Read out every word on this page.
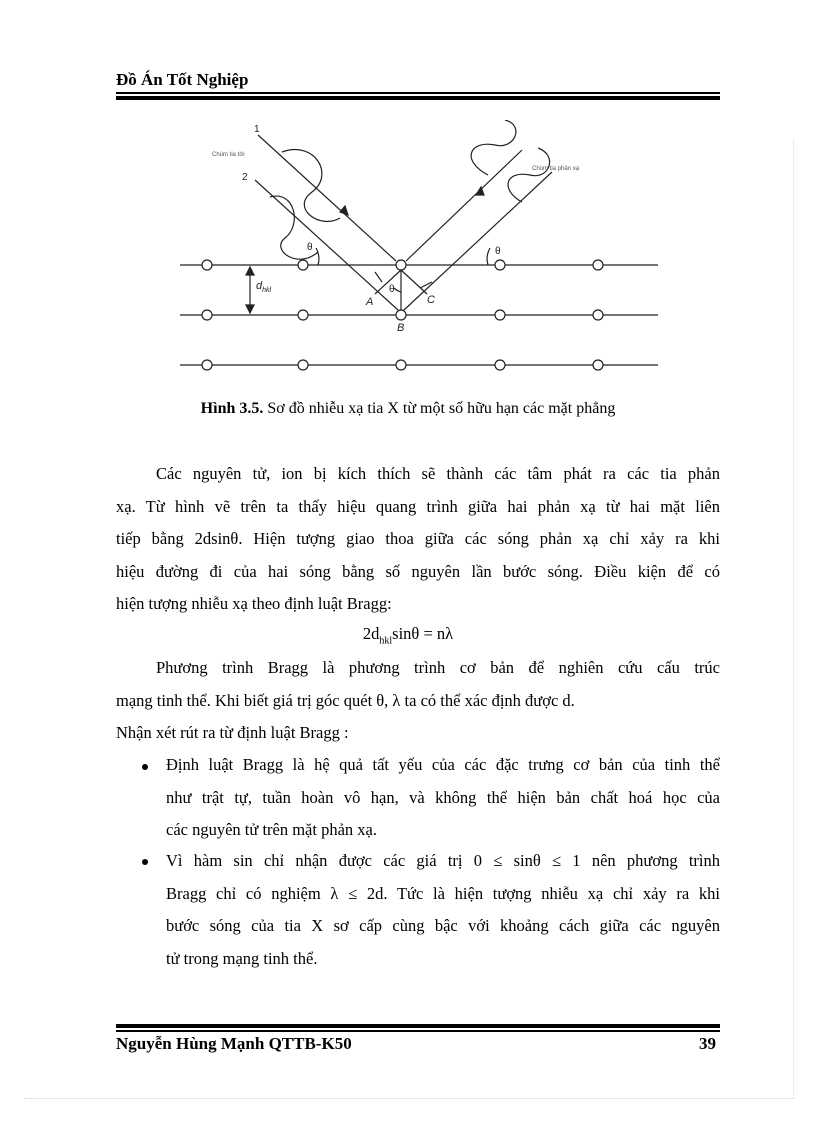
Đồ Án Tốt Nghiệp
1
2
Chùm tia tới
Chùm tia phản xạ
θ	θ
θ
$d_{hkl}$
A
B
C
Hình 3.5. Sơ đồ nhiễu xạ tia X từ một số hữu hạn các mặt phẳng
Các nguyên tử, ion bị kích thích sẽ thành các tâm phát ra các tia phản
xạ. Từ hình vẽ trên ta thấy hiệu quang trình giữa hai phản xạ từ hai mặt liên
tiếp bằng 2dsinθ. Hiện tượng giao thoa giữa các sóng phản xạ chỉ xảy ra khi
hiệu đường đi của hai sóng bằng số nguyên lần bước sóng. Điều kiện để có
hiện tượng nhiễu xạ theo định luật Bragg:
$2d_{hkl}\sin\theta = n\lambda$
Phương trình Bragg là phương trình cơ bản để nghiên cứu cấu trúc
mạng tinh thể. Khi biết giá trị góc quét θ, λ ta có thể xác định được d.
Nhận xét rút ra từ định luật Bragg :
Định luật Bragg là hệ quả tất yếu của các đặc trưng cơ bản của tinh thể
như trật tự, tuần hoàn vô hạn, và không thể hiện bản chất hoá học của
các nguyên tử trên mặt phản xạ.
Vì hàm sin chỉ nhận được các giá trị 0 ≤ sinθ ≤ 1 nên phương trình
Bragg chỉ có nghiệm λ ≤ 2d. Tức là hiện tượng nhiễu xạ chỉ xảy ra khi
bước sóng của tia X sơ cấp cùng bậc với khoảng cách giữa các nguyên
tử trong mạng tinh thể.
Nguyễn Hùng Mạnh QTTB-K50	39
